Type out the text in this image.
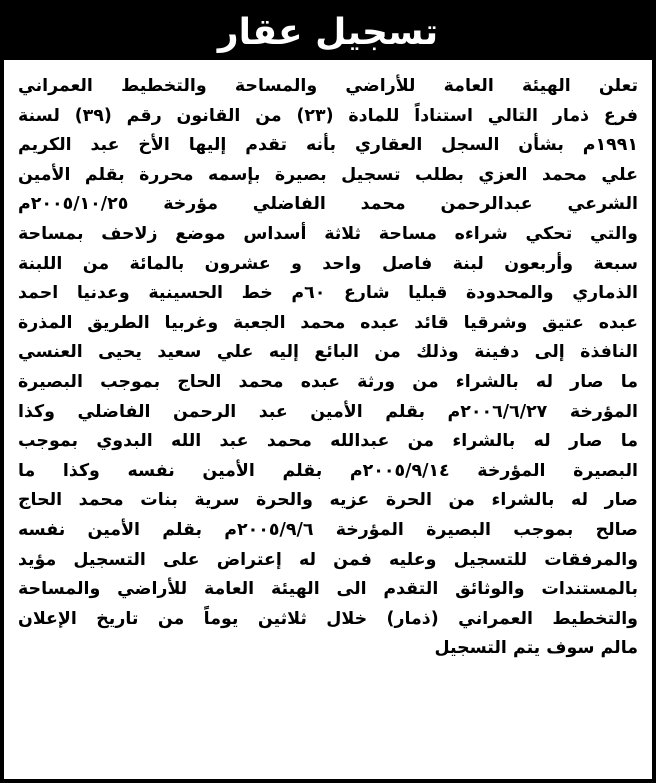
تسجيل عقار
تعلن الهيئة العامة للأراضي والمساحة والتخطيط العمراني
فرع ذمار التالي استناداً للمادة (٢٣) من القانون رقم (٣٩) لسنة
١٩٩١م بشأن السجل العقاري بأنه تقدم إليها الأخ عبد الكريم
علي محمد العزي بطلب تسجيل بصيرة بإسمه محررة بقلم الأمين
الشرعي عبدالرحمن محمد الفاضلي مؤرخة ٢٠٠٥/١٠/٢٥م
والتي تحكي شراءه مساحة ثلاثة أسداس موضع زلاحف بمساحة
سبعة وأربعون لبنة فاصل واحد و عشرون بالمائة من اللبنة
الذماري والمحدودة قبليا شارع ٦٠م خط الحسينية وعدنيا احمد
عبده عتيق وشرقيا قائد عبده محمد الجعبة وغربيا الطريق المذرة
النافذة إلى دفينة وذلك من البائع إليه علي سعيد يحيى العنسي
ما صار له بالشراء من ورثة عبده محمد الحاج بموجب البصيرة
المؤرخة ٢٠٠٦/٦/٢٧م بقلم الأمين عبد الرحمن الفاضلي وكذا
ما صار له بالشراء من عبدالله محمد عبد الله البدوي بموجب
البصيرة المؤرخة ٢٠٠٥/٩/١٤م بقلم الأمين نفسه وكذا ما
صار له بالشراء من الحرة عزيه والحرة سرية بنات محمد الحاج
صالح بموجب البصيرة المؤرخة ٢٠٠٥/٩/٦م بقلم الأمين نفسه
والمرفقات للتسجيل وعليه فمن له إعتراض على التسجيل مؤيد
بالمستندات والوثائق التقدم الى الهيئة العامة للأراضي والمساحة
والتخطيط العمراني (ذمار) خلال ثلاثين يوماً من تاريخ الإعلان
مالم سوف يتم التسجيل
